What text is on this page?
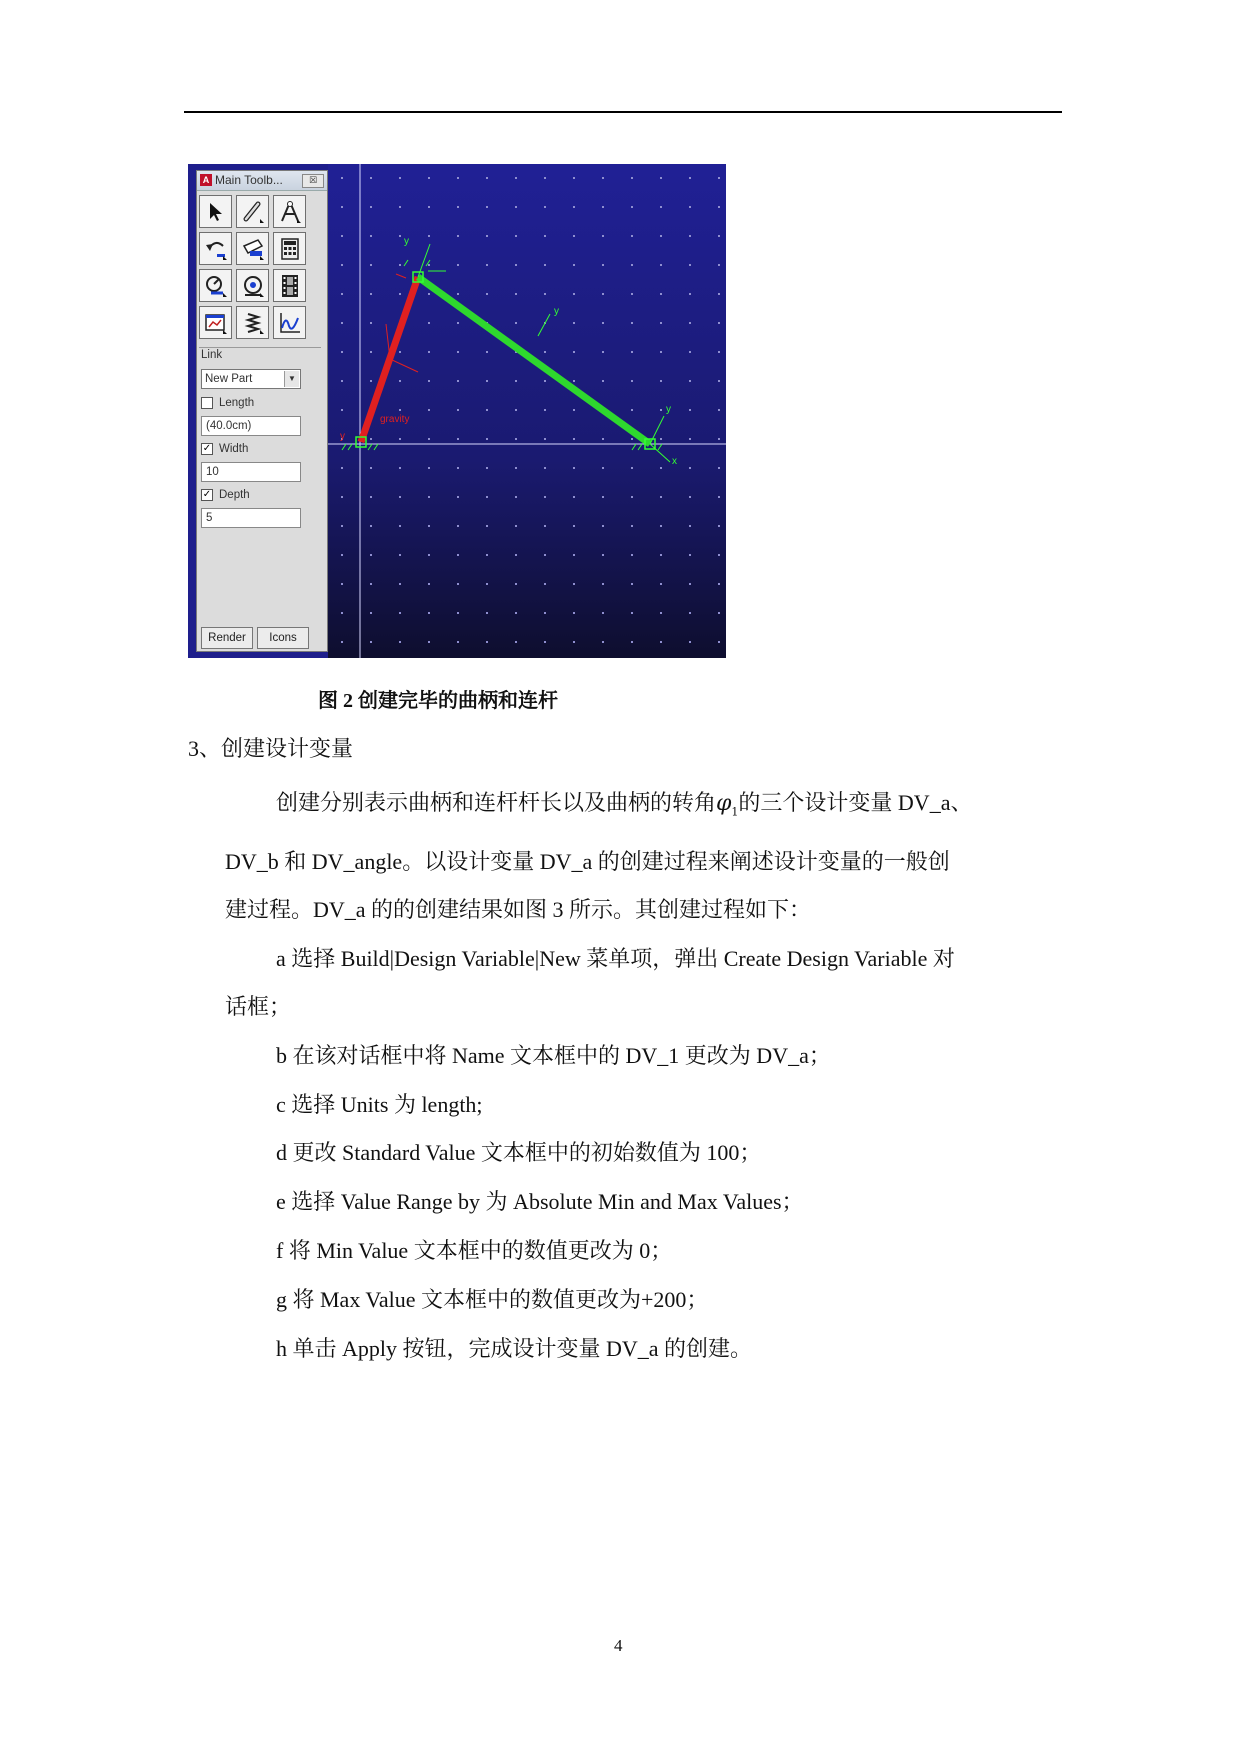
gravity
y
y
y
y
x
A Main Toolb...	☒
Link
New Part	▼
Length
(40.0cm)
✓ Width
10
✓ Depth
5
Render	Icons
图 2 创建完毕的曲柄和连杆
3、创建设计变量
创建分别表示曲柄和连杆杆长以及曲柄的转角$\varphi_1$的三个设计变量 DV_a、
DV_b 和 DV_angle。以设计变量 DV_a 的创建过程来阐述设计变量的一般创
建过程。DV_a 的的创建结果如图 3 所示。其创建过程如下：
a 选择 Build|Design Variable|New 菜单项，弹出 Create Design Variable 对
话框；
b 在该对话框中将 Name 文本框中的 DV_1 更改为 DV_a；
c 选择 Units 为 length;
d 更改 Standard Value 文本框中的初始数值为 100；
e 选择 Value Range by 为 Absolute Min and Max Values；
f 将 Min Value 文本框中的数值更改为 0；
g 将 Max Value 文本框中的数值更改为+200；
h 单击 Apply 按钮，完成设计变量 DV_a 的创建。
4
